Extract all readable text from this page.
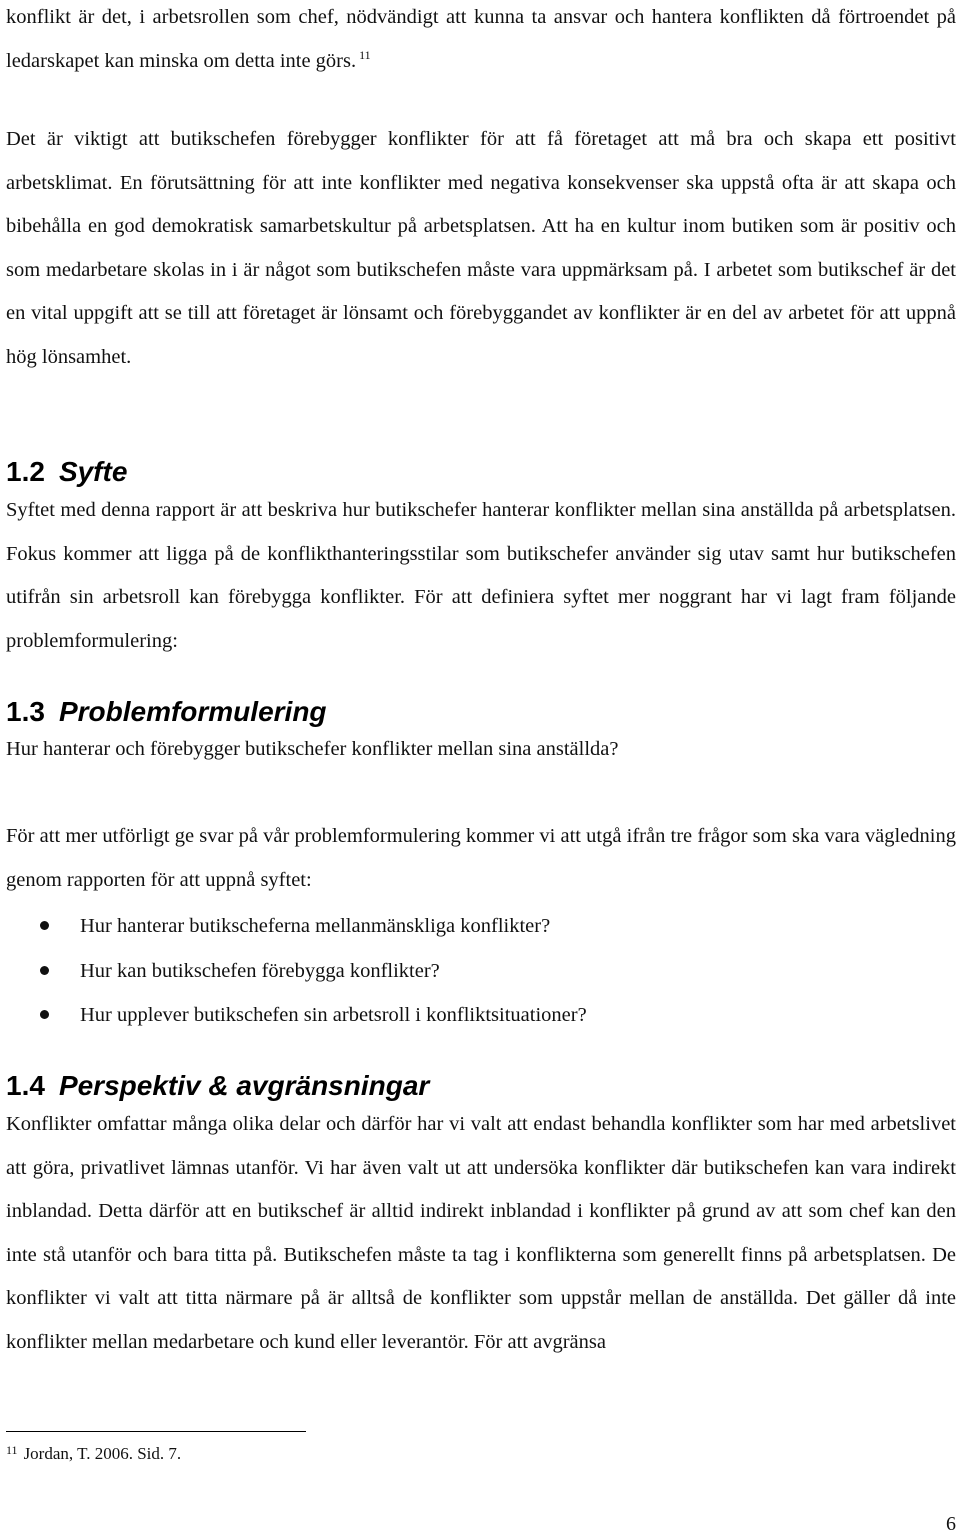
konflikt är det, i arbetsrollen som chef, nödvändigt att kunna ta ansvar och hantera konflikten då förtroendet på ledarskapet kan minska om detta inte görs. $^{11}$

Det är viktigt att butikschefen förebygger konflikter för att få företaget att må bra och skapa ett positivt arbetsklimat. En förutsättning för att inte konflikter med negativa konsekvenser ska uppstå ofta är att skapa och bibehålla en god demokratisk samarbetskultur på arbetsplatsen. Att ha en kultur inom butiken som är positiv och som medarbetare skolas in i är något som butikschefen måste vara uppmärksam på. I arbetet som butikschef är det en vital uppgift att se till att företaget är lönsamt och förebyggandet av konflikter är en del av arbetet för att uppnå hög lönsamhet.

1.2 Syfte

Syftet med denna rapport är att beskriva hur butikschefer hanterar konflikter mellan sina anställda på arbetsplatsen. Fokus kommer att ligga på de konflikthanteringsstilar som butikschefer använder sig utav samt hur butikschefen utifrån sin arbetsroll kan förebygga konflikter. För att definiera syftet mer noggrant har vi lagt fram följande problemformulering:

1.3 Problemformulering

Hur hanterar och förebygger butikschefer konflikter mellan sina anställda?

För att mer utförligt ge svar på vår problemformulering kommer vi att utgå ifrån tre frågor som ska vara vägledning genom rapporten för att uppnå syftet:

Hur hanterar butikscheferna mellanmänskliga konflikter?
Hur kan butikschefen förebygga konflikter?
Hur upplever butikschefen sin arbetsroll i konfliktsituationer?
1.4 Perspektiv & avgränsningar

Konflikter omfattar många olika delar och därför har vi valt att endast behandla konflikter som har med arbetslivet att göra, privatlivet lämnas utanför. Vi har även valt ut att undersöka konflikter där butikschefen kan vara indirekt inblandad. Detta därför att en butikschef är alltid indirekt inblandad i konflikter på grund av att som chef kan den inte stå utanför och bara titta på. Butikschefen måste ta tag i konflikterna som generellt finns på arbetsplatsen. De konflikter vi valt att titta närmare på är alltså de konflikter som uppstår mellan de anställda. Det gäller då inte konflikter mellan medarbetare och kund eller leverantör. För att avgränsa

$^{11}$ Jordan, T. 2006. Sid. 7.
6
